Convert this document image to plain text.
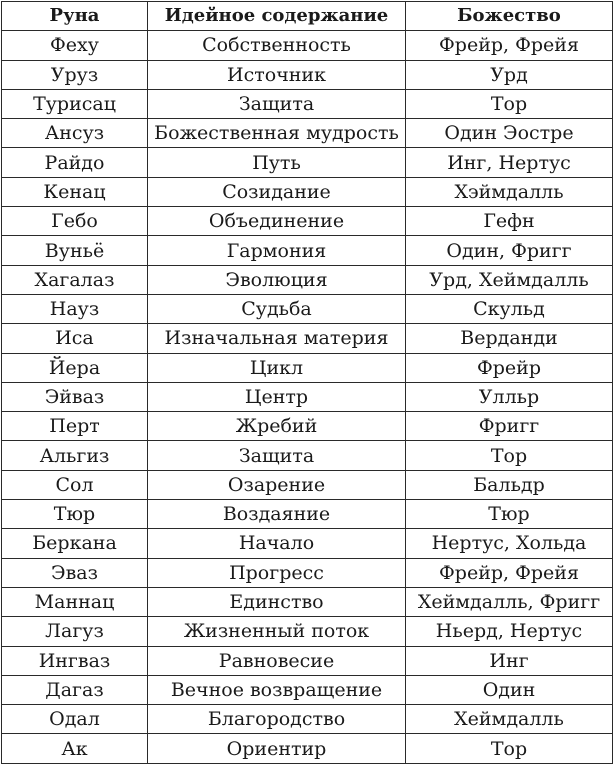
Руна	Идейное содержание	Божество
Феху	Собственность	Фрейр, Фрейя
Уруз	Источник	Урд
Турисац	Защита	Тор
Ансуз	Божественная мудрость	Один Эостре
Райдо	Путь	Инг, Нертус
Кенац	Созидание	Хэймдалль
Гебо	Объединение	Гефн
Вуньё	Гармония	Один, Фригг
Хагалаз	Эволюция	Урд, Хеймдалль
Науз	Судьба	Скульд
Иса	Изначальная материя	Верданди
Йера	Цикл	Фрейр
Эйваз	Центр	Улльр
Перт	Жребий	Фригг
Альгиз	Защита	Тор
Сол	Озарение	Бальдр
Тюр	Воздаяние	Тюр
Беркана	Начало	Нертус, Хольда
Эваз	Прогресс	Фрейр, Фрейя
Маннац	Единство	Хеймдалль, Фригг
Лагуз	Жизненный поток	Ньерд, Нертус
Ингваз	Равновесие	Инг
Дагаз	Вечное возвращение	Один
Одал	Благородство	Хеймдалль
Ак	Ориентир	Тор
